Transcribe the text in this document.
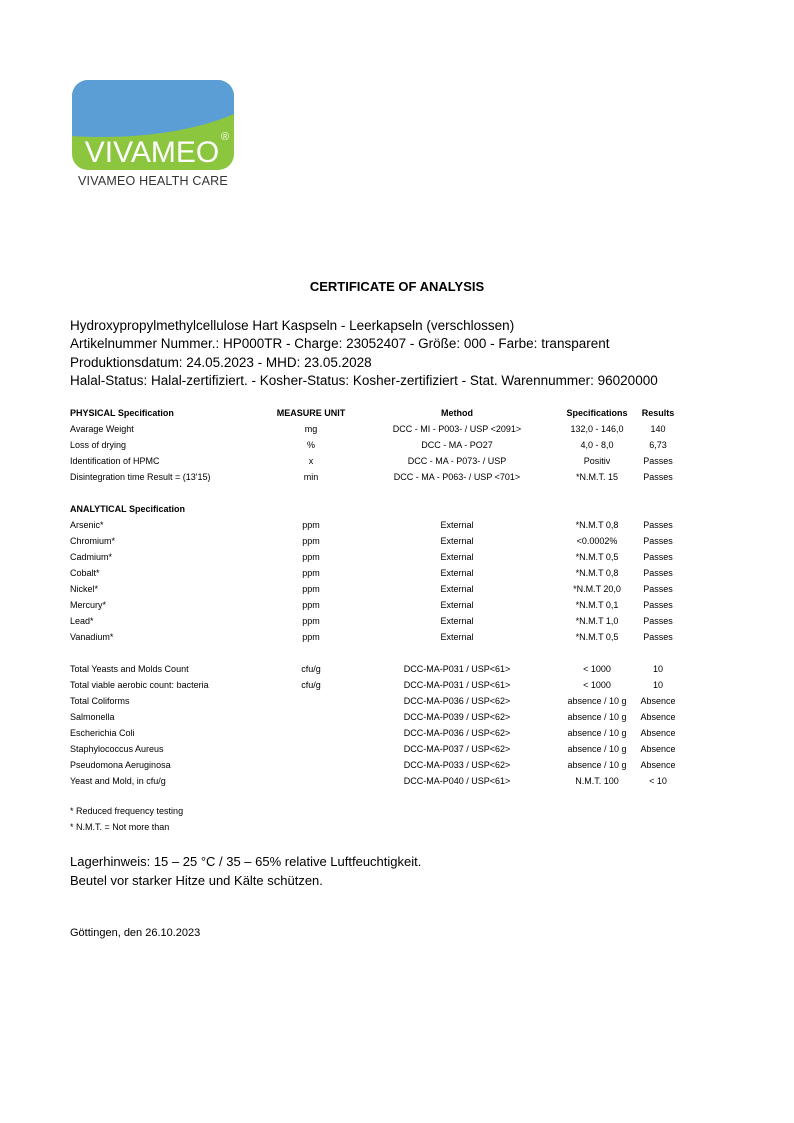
VIVAMEO ®
VIVAMEO HEALTH CARE
CERTIFICATE OF ANALYSIS
Hydroxypropylmethylcellulose Hart Kaspseln - Leerkapseln (verschlossen)
Artikelnummer Nummer.: HP000TR - Charge: 23052407 - Größe: 000 - Farbe: transparent
Produktionsdatum: 24.05.2023 - MHD: 23.05.2028
Halal-Status: Halal-zertifiziert. - Kosher-Status: Kosher-zertifiziert - Stat. Warennummer: 96020000
PHYSICAL Specification	MEASURE UNIT	Method	Specifications	Results
Avarage Weight	mg	DCC - MI - P003- / USP <2091>	132,0 - 146,0	140
Loss of drying	%	DCC - MA - PO27	4,0 - 8,0	6,73
Identification of HPMC	x	DCC - MA - P073- / USP	Positiv	Passes
Disintegration time Result = (13'15)	min	DCC - MA - P063- / USP <701>	*N.M.T. 15	Passes

ANALYTICAL Specification				
Arsenic*	ppm	External	*N.M.T 0,8	Passes
Chromium*	ppm	External	<0.0002%	Passes
Cadmium*	ppm	External	*N.M.T 0,5	Passes
Cobalt*	ppm	External	*N.M.T 0,8	Passes
Nickel*	ppm	External	*N.M.T 20,0	Passes
Mercury*	ppm	External	*N.M.T 0,1	Passes
Lead*	ppm	External	*N.M.T 1,0	Passes
Vanadium*	ppm	External	*N.M.T 0,5	Passes

Total Yeasts and Molds Count	cfu/g	DCC-MA-P031 / USP<61>	< 1000	10
Total viable aerobic count: bacteria	cfu/g	DCC-MA-P031 / USP<61>	< 1000	10
Total Coliforms		DCC-MA-P036 / USP<62>	absence / 10 g	Absence
Salmonella		DCC-MA-P039 / USP<62>	absence / 10 g	Absence
Escherichia Coli		DCC-MA-P036 / USP<62>	absence / 10 g	Absence
Staphylococcus Aureus		DCC-MA-P037 / USP<62>	absence / 10 g	Absence
Pseudomona Aeruginosa		DCC-MA-P033 / USP<62>	absence / 10 g	Absence
Yeast and Mold, in cfu/g		DCC-MA-P040 / USP<61>	N.M.T. 100	< 10
* Reduced frequency testing
* N.M.T. = Not more than
Lagerhinweis: 15 – 25 °C / 35 – 65% relative Luftfeuchtigkeit.
Beutel vor starker Hitze und Kälte schützen.
Göttingen, den 26.10.2023
